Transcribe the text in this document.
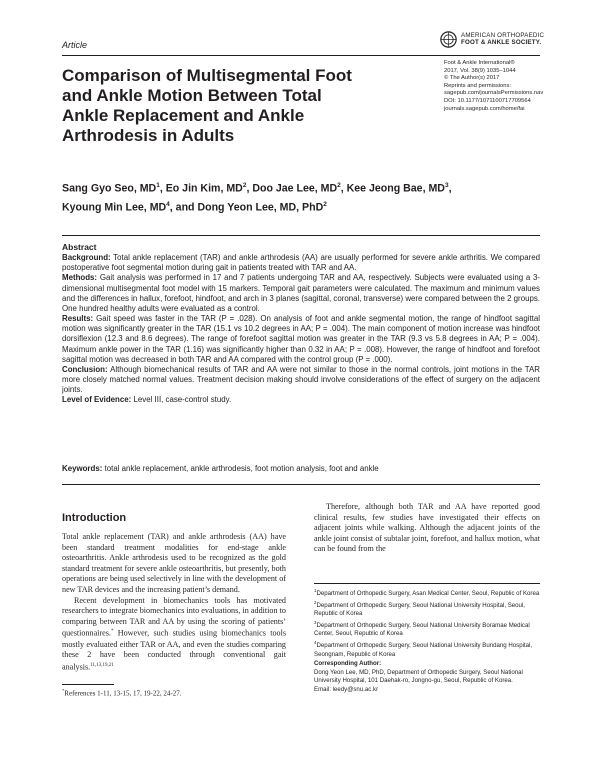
Article
AMERICAN ORTHOPAEDIC
FOOT & ANKLE SOCIETY.
Foot & Ankle International®
2017, Vol. 38(9) 1035–1044
© The Author(s) 2017
Reprints and permissions:
sagepub.com/journalsPermissions.nav
DOI: 10.1177/1071100717709564
journals.sagepub.com/home/fai
Comparison of Multisegmental Foot and Ankle Motion Between Total Ankle Replacement and Ankle Arthrodesis in Adults
Sang Gyo Seo, $MD^1$, Eo Jin Kim, $MD^2$, Doo Jae Lee, $MD^2$, Kee Jeong Bae, $MD^3$,
Kyoung Min Lee, $MD^4$, and Dong Yeon Lee, MD, PhD$^2$
Abstract

Background: Total ankle replacement (TAR) and ankle arthrodesis (AA) are usually performed for severe ankle arthritis. We compared postoperative foot segmental motion during gait in patients treated with TAR and AA.

Methods: Gait analysis was performed in 17 and 7 patients undergoing TAR and AA, respectively. Subjects were evaluated using a 3-dimensional multisegmental foot model with 15 markers. Temporal gait parameters were calculated. The maximum and minimum values and the differences in hallux, forefoot, hindfoot, and arch in 3 planes (sagittal, coronal, transverse) were compared between the 2 groups. One hundred healthy adults were evaluated as a control.

Results: Gait speed was faster in the TAR (P = .028). On analysis of foot and ankle segmental motion, the range of hindfoot sagittal motion was significantly greater in the TAR (15.1 vs 10.2 degrees in AA; P = .004). The main component of motion increase was hindfoot dorsiflexion (12.3 and 8.6 degrees). The range of forefoot sagittal motion was greater in the TAR (9.3 vs 5.8 degrees in AA; P = .004). Maximum ankle power in the TAR (1.16) was significantly higher than 0.32 in AA; P = .008). However, the range of hindfoot and forefoot sagittal motion was decreased in both TAR and AA compared with the control group (P = .000).

Conclusion: Although biomechanical results of TAR and AA were not similar to those in the normal controls, joint motions in the TAR more closely matched normal values. Treatment decision making should involve considerations of the effect of surgery on the adjacent joints.

Level of Evidence: Level III, case-control study.

Keywords: total ankle replacement, ankle arthrodesis, foot motion analysis, foot and ankle
Introduction

Total ankle replacement (TAR) and ankle arthrodesis (AA) have been standard treatment modalities for end-stage ankle osteoarthritis. Ankle arthrodesis used to be recognized as the gold standard treatment for severe ankle osteoarthritis, but presently, both operations are being used selectively in line with the development of new TAR devices and the increasing patient’s demand.

Recent development in biomechanics tools has motivated researchers to integrate biomechanics into evaluations, in addition to comparing between TAR and AA by using the scoring of patients’ questionnaires.* However, such studies using biomechanics tools mostly evaluated either TAR or AA, and even the studies comparing these 2 have been conducted through conventional gait analysis.$^{11,13,19,21}$

Therefore, although both TAR and AA have reported good clinical results, few studies have investigated their effects on adjacent joints while walking. Although the adjacent joints of the ankle joint consist of subtalar joint, forefoot, and hallux motion, what can be found from the

*References 1-11, 13-15, 17, 19-22, 24-27.

$^1$Department of Orthopedic Surgery, Asan Medical Center, Seoul, Republic of Korea

$^2$Department of Orthopedic Surgery, Seoul National University Hospital, Seoul, Republic of Korea

$^3$Department of Orthopedic Surgery, Seoul National University Boramae Medical Center, Seoul, Republic of Korea

$^4$Department of Orthopedic Surgery, Seoul National University Bundang Hospital, Seongnam, Republic of Korea

Corresponding Author:
Dong Yeon Lee, MD, PhD, Department of Orthopedic Surgery, Seoul National University Hospital, 101 Daehak-ro, Jongno-gu, Seoul, Republic of Korea.
Email: leedy@snu.ac.kr
